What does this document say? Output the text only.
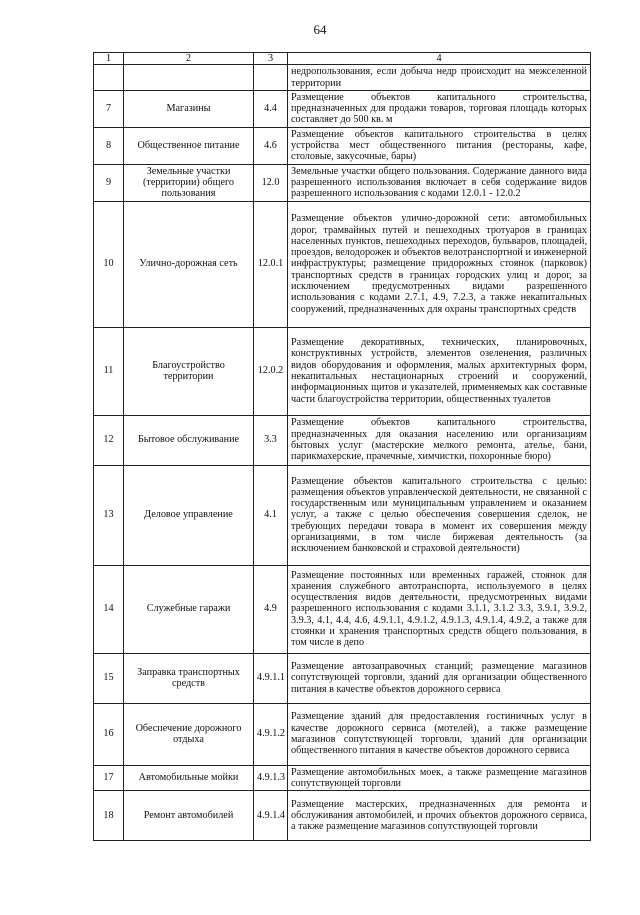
64
1	2	3	4
			недропользования, если добыча недр происходит на межселенной территории
7	Магазины	4.4	Размещение объектов капитального строительства, предназначенных для продажи товаров, торговая площадь которых составляет до 500 кв. м
8	Общественное питание	4.6	Размещение объектов капитального строительства в целях устройства мест общественного питания (рестораны, кафе, столовые, закусочные, бары)
9	Земельные участки (территории) общего пользования	12.0	Земельные участки общего пользования. Содержание данного вида разрешенного использования включает в себя содержание видов разрешенного использования с кодами 12.0.1 - 12.0.2
10	Улично-дорожная сеть	12.0.1	Размещение объектов улично-дорожной сети: автомобильных дорог, трамвайных путей и пешеходных тротуаров в границах населенных пунктов, пешеходных переходов, бульваров, площадей, проездов, велодорожек и объектов велотранспортной и инженерной инфраструктуры; размещение придорожных стоянок (парковок) транспортных средств в границах городских улиц и дорог, за исключением предусмотренных видами разрешенного использования с кодами 2.7.1, 4.9, 7.2.3, а также некапитальных сооружений, предназначенных для охраны транспортных средств
11	Благоустройство территории	12.0.2	Размещение декоративных, технических, планировочных, конструктивных устройств, элементов озеленения, различных видов оборудования и оформления, малых архитектурных форм, некапитальных нестационарных строений и сооружений, информационных щитов и указателей, применяемых как составные части благоустройства территории, общественных туалетов
12	Бытовое обслуживание	3.3	Размещение объектов капитального строительства, предназначенных для оказания населению или организациям бытовых услуг (мастерские мелкого ремонта, ателье, бани, парикмахерские, прачечные, химчистки, похоронные бюро)
13	Деловое управление	4.1	Размещение объектов капитального строительства с целью: размещения объектов управленческой деятельности, не связанной с государственным или муниципальным управлением и оказанием услуг, а также с целью обеспечения совершения сделок, не требующих передачи товара в момент их совершения между организациями, в том числе биржевая деятельность (за исключением банковской и страховой деятельности)
14	Служебные гаражи	4.9	Размещение постоянных или временных гаражей, стоянок для хранения служебного автотранспорта, используемого в целях осуществления видов деятельности, предусмотренных видами разрешенного использования с кодами 3.1.1, 3.1.2 3.3, 3.9.1, 3.9.2, 3.9.3, 4.1, 4.4, 4.6, 4.9.1.1, 4.9.1.2, 4.9.1.3, 4.9.1.4, 4.9.2, а также для стоянки и хранения транспортных средств общего пользования, в том числе в депо
15	Заправка транспортных средств	4.9.1.1	Размещение автозаправочных станций; размещение магазинов сопутствующей торговли, зданий для организации общественного питания в качестве объектов дорожного сервиса
16	Обеспечение дорожного отдыха	4.9.1.2	Размещение зданий для предоставления гостиничных услуг в качестве дорожного сервиса (мотелей), а также размещение магазинов сопутствующей торговли, зданий для организации общественного питания в качестве объектов дорожного сервиса
17	Автомобильные мойки	4.9.1.3	Размещение автомобильных моек, а также размещение магазинов сопутствующей торговли
18	Ремонт автомобилей	4.9.1.4	Размещение мастерских, предназначенных для ремонта и обслуживания автомобилей, и прочих объектов дорожного сервиса, а также размещение магазинов сопутствующей торговли
